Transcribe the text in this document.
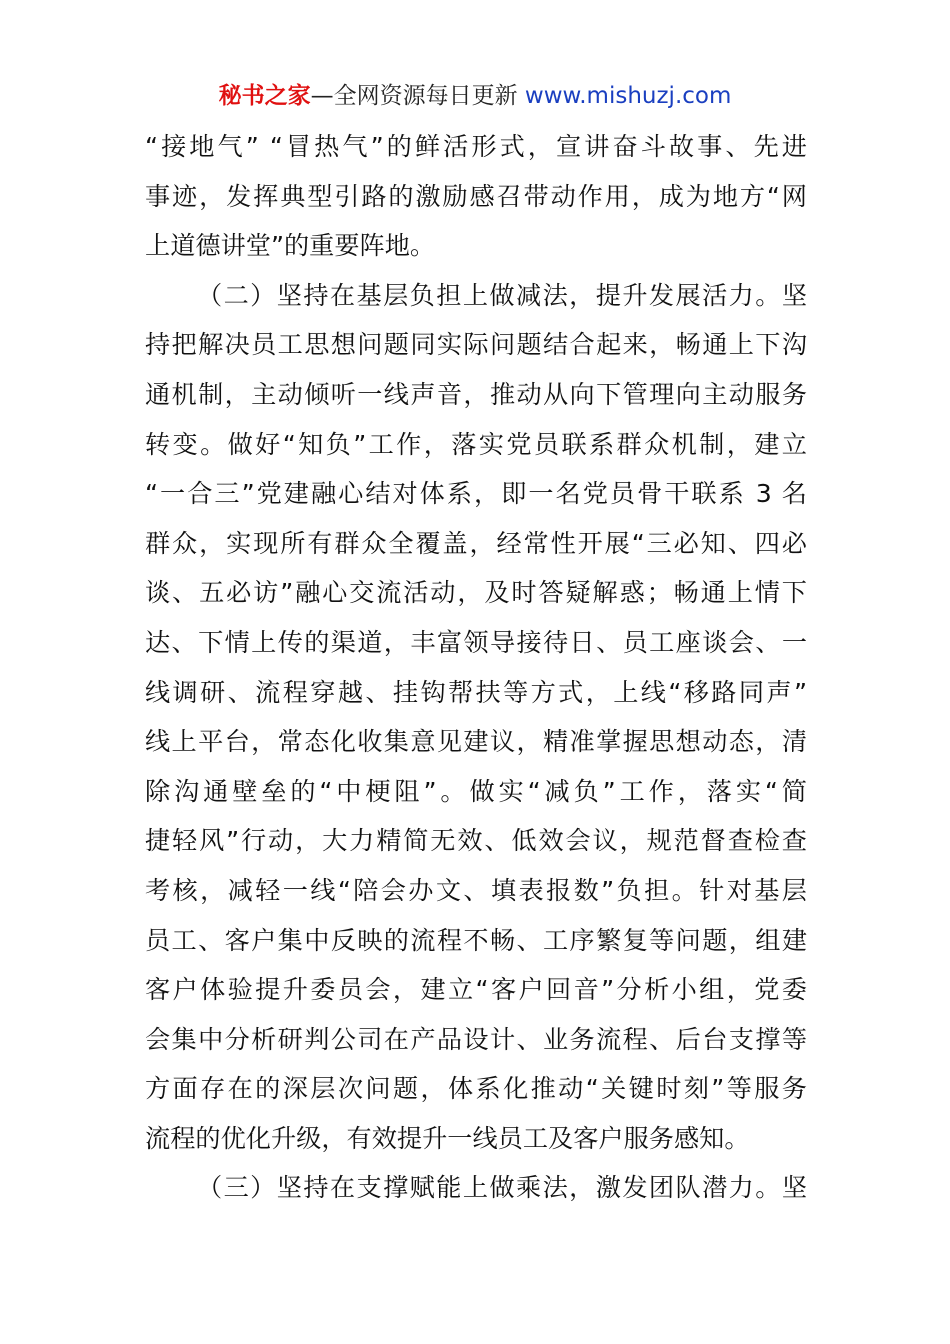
秘书之家—全网资源每日更新 www.mishuzj.com
“接地气” “冒热气”的鲜活形式，宣讲奋斗故事、先进
事迹，发挥典型引路的激励感召带动作用，成为地方“网
上道德讲堂”的重要阵地。
（二）坚持在基层负担上做减法，提升发展活力。坚
持把解决员工思想问题同实际问题结合起来，畅通上下沟
通机制，主动倾听一线声音，推动从向下管理向主动服务
转变。做好“知负”工作，落实党员联系群众机制，建立
“一合三”党建融心结对体系，即一名党员骨干联系 3 名
群众，实现所有群众全覆盖，经常性开展“三必知、四必
谈、五必访”融心交流活动，及时答疑解惑；畅通上情下
达、下情上传的渠道，丰富领导接待日、员工座谈会、一
线调研、流程穿越、挂钩帮扶等方式，上线“移路同声”
线上平台，常态化收集意见建议，精准掌握思想动态，清
除沟通壁垒的“中梗阻”。做实“减负”工作，落实“简
捷轻风”行动，大力精简无效、低效会议，规范督查检查
考核，减轻一线“陪会办文、填表报数”负担。针对基层
员工、客户集中反映的流程不畅、工序繁复等问题，组建
客户体验提升委员会，建立“客户回音”分析小组，党委
会集中分析研判公司在产品设计、业务流程、后台支撑等
方面存在的深层次问题，体系化推动“关键时刻”等服务
流程的优化升级，有效提升一线员工及客户服务感知。
（三）坚持在支撑赋能上做乘法，激发团队潜力。坚
